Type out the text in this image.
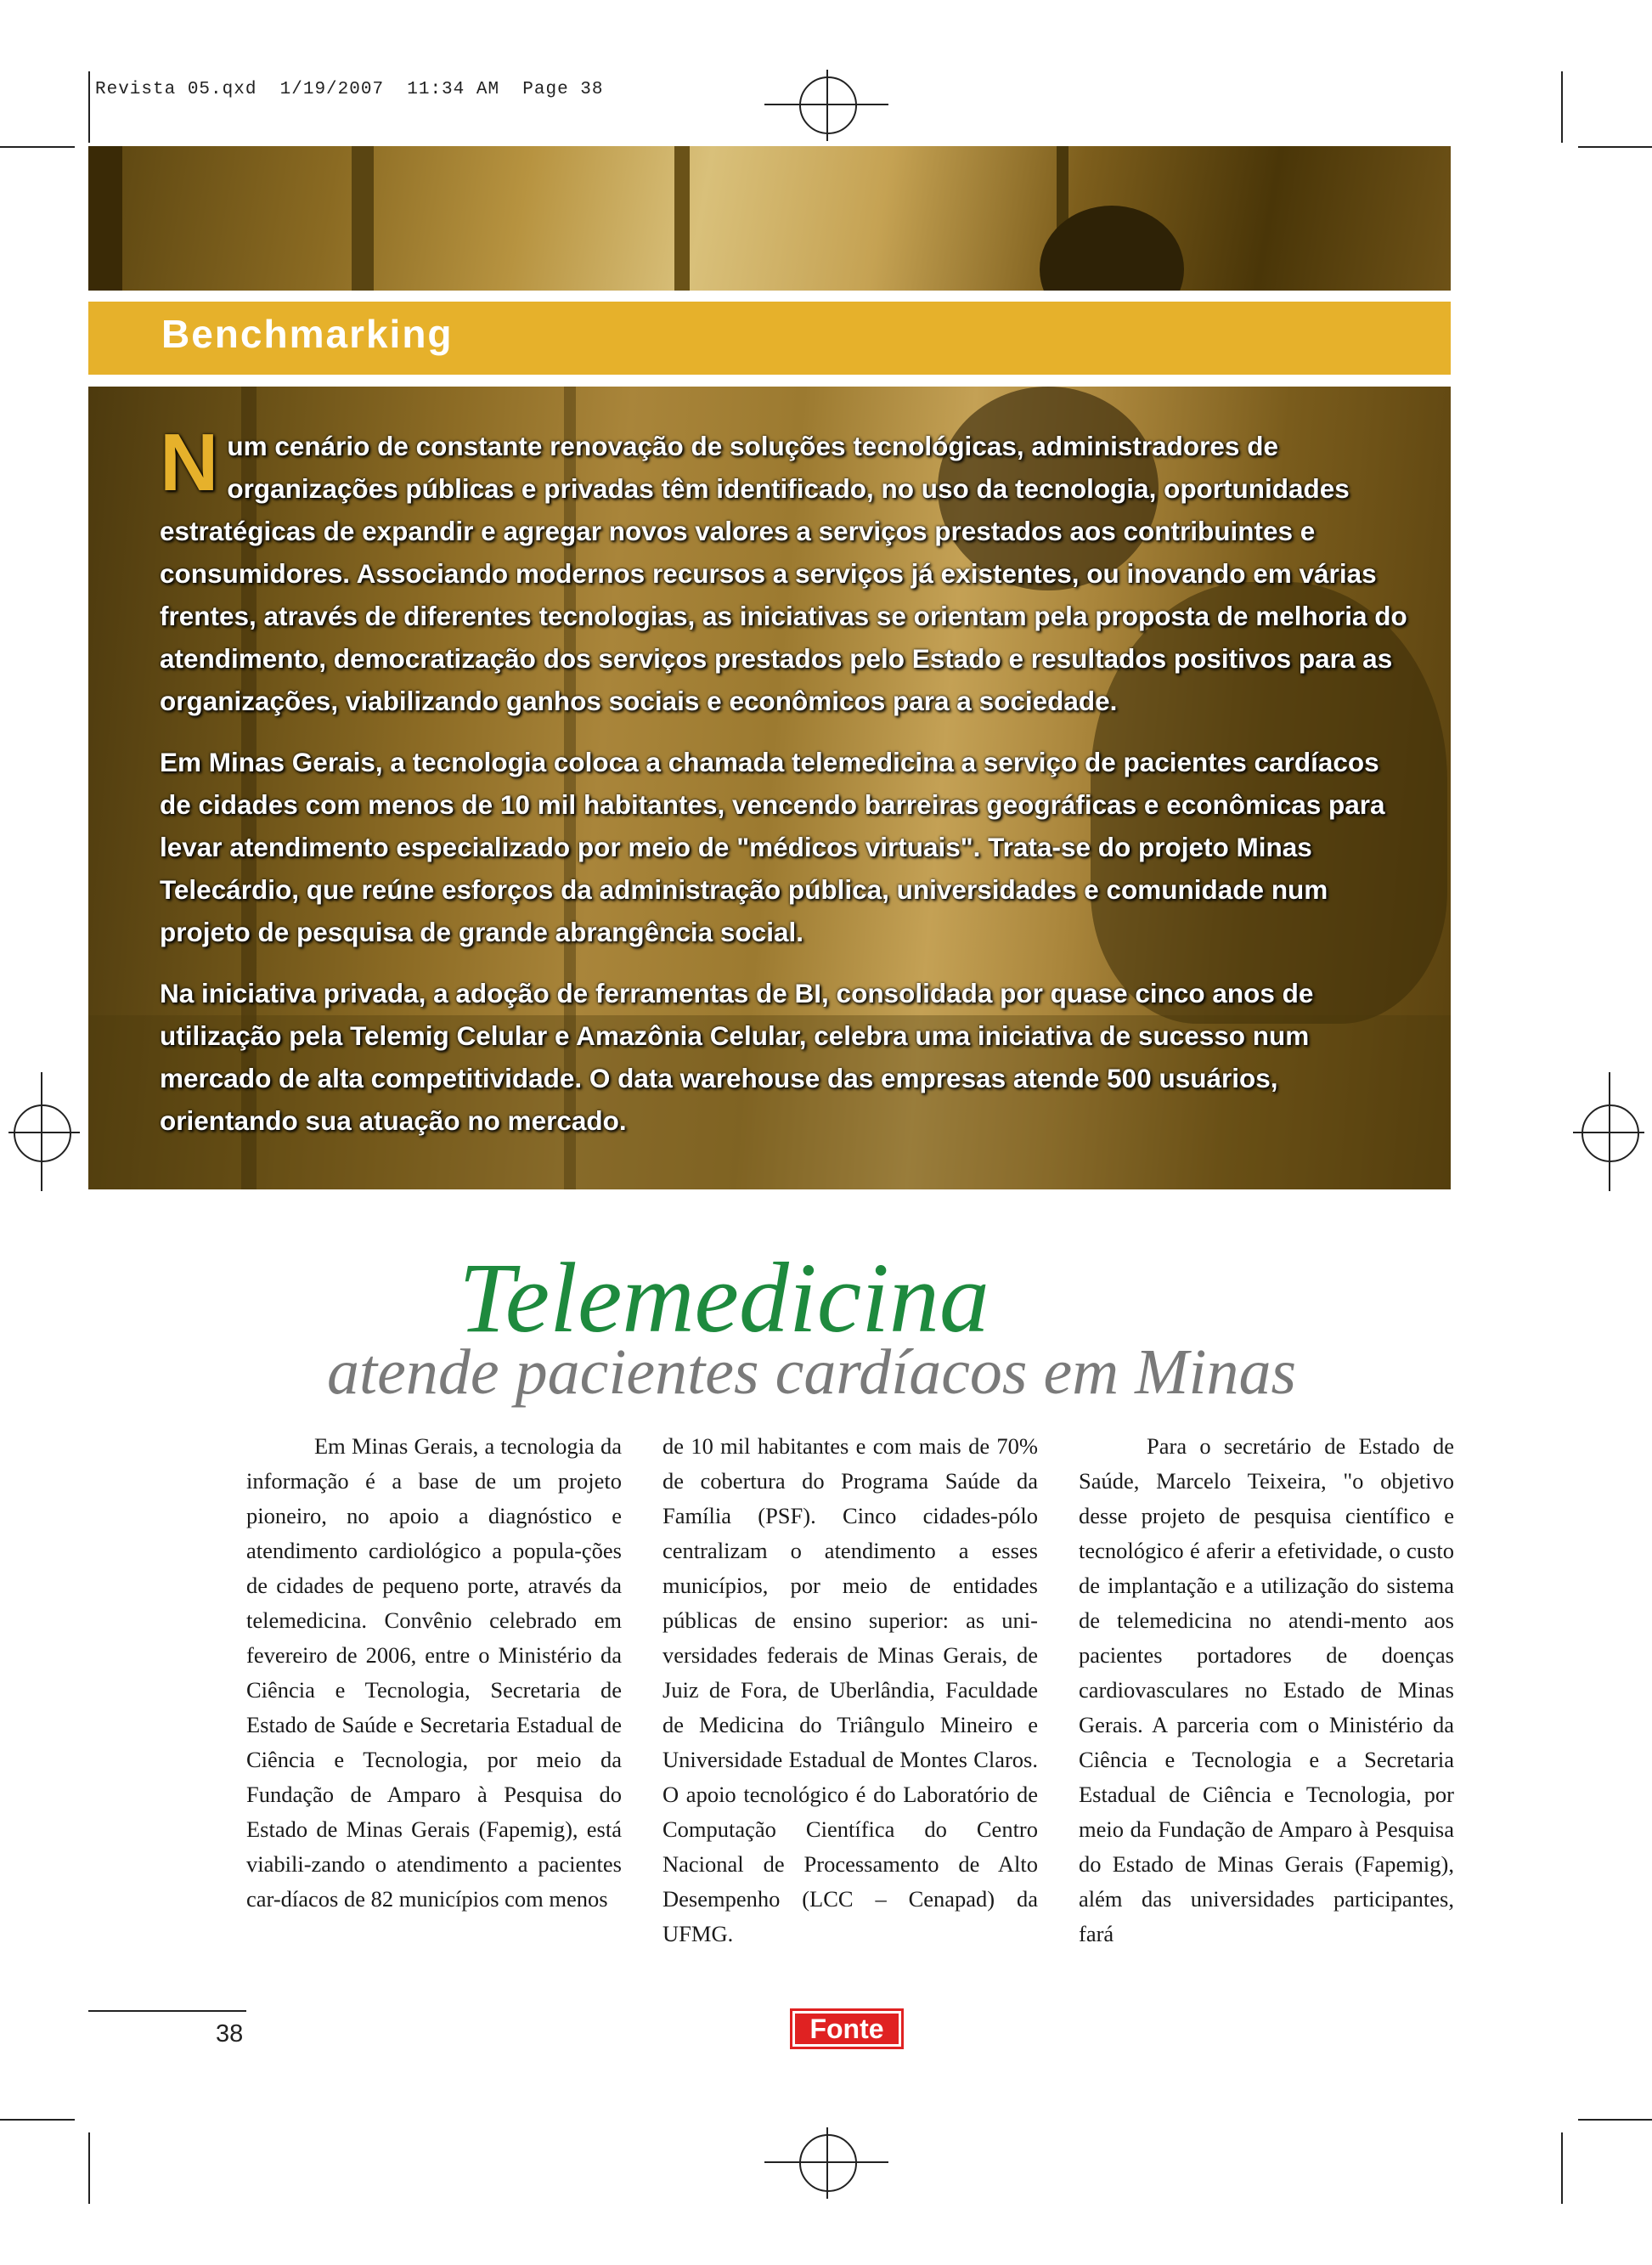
Revista 05.qxd  1/19/2007  11:34 AM  Page 38
Benchmarking

Num cenário de constante renovação de soluções tecnológicas, administradores de organizações públicas e privadas têm identificado, no uso da tecnologia, oportunidades estratégicas de expandir e agregar novos valores a serviços prestados aos contribuintes e consumidores. Associando modernos recursos a serviços já existentes, ou inovando em várias frentes, através de diferentes tecnologias, as iniciativas se orientam pela proposta de melhoria do atendimento, democratização dos serviços prestados pelo Estado e resultados positivos para as organizações, viabilizando ganhos sociais e econômicos para a sociedade.

Em Minas Gerais, a tecnologia coloca a chamada telemedicina a serviço de pacientes cardíacos de cidades com menos de 10 mil habitantes, vencendo barreiras geográficas e econômicas para levar atendimento especializado por meio de "médicos virtuais". Trata-se do projeto Minas Telecárdio, que reúne esforços da administração pública, universidades e comunidade num projeto de pesquisa de grande abrangência social.

Na iniciativa privada, a adoção de ferramentas de BI, consolidada por quase cinco anos de utilização pela Telemig Celular e Amazônia Celular, celebra uma iniciativa de sucesso num mercado de alta competitividade. O data warehouse das empresas atende 500 usuários, orientando sua atuação no mercado.

Telemedicina
atende pacientes cardíacos em Minas
Em Minas Gerais, a tecnologia da informação é a base de um projeto pioneiro, no apoio a diagnóstico e atendimento cardiológico a popula-ções de cidades de pequeno porte, através da telemedicina. Convênio celebrado em fevereiro de 2006, entre o Ministério da Ciência e Tecnologia, Secretaria de Estado de Saúde e Secretaria Estadual de Ciência e Tecnologia, por meio da Fundação de Amparo à Pesquisa do Estado de Minas Gerais (Fapemig), está viabili-zando o atendimento a pacientes car-díacos de 82 municípios com menos
de 10 mil habitantes e com mais de 70% de cobertura do Programa Saúde da Família (PSF). Cinco cidades-pólo centralizam o atendimento a esses municípios, por meio de entidades públicas de ensino superior: as uni-versidades federais de Minas Gerais, de Juiz de Fora, de Uberlândia, Faculdade de Medicina do Triângulo Mineiro e Universidade Estadual de Montes Claros. O apoio tecnológico é do Laboratório de Computação Científica do Centro Nacional de Processamento de Alto Desempenho (LCC – Cenapad) da UFMG.
Para o secretário de Estado de Saúde, Marcelo Teixeira, "o objetivo desse projeto de pesquisa científico e tecnológico é aferir a efetividade, o custo de implantação e a utilização do sistema de telemedicina no atendi-mento aos pacientes portadores de doenças cardiovasculares no Estado de Minas Gerais. A parceria com o Ministério da Ciência e Tecnologia e a Secretaria Estadual de Ciência e Tecnologia, por meio da Fundação de Amparo à Pesquisa do Estado de Minas Gerais (Fapemig), além das universidades participantes, fará
38	Fonte
